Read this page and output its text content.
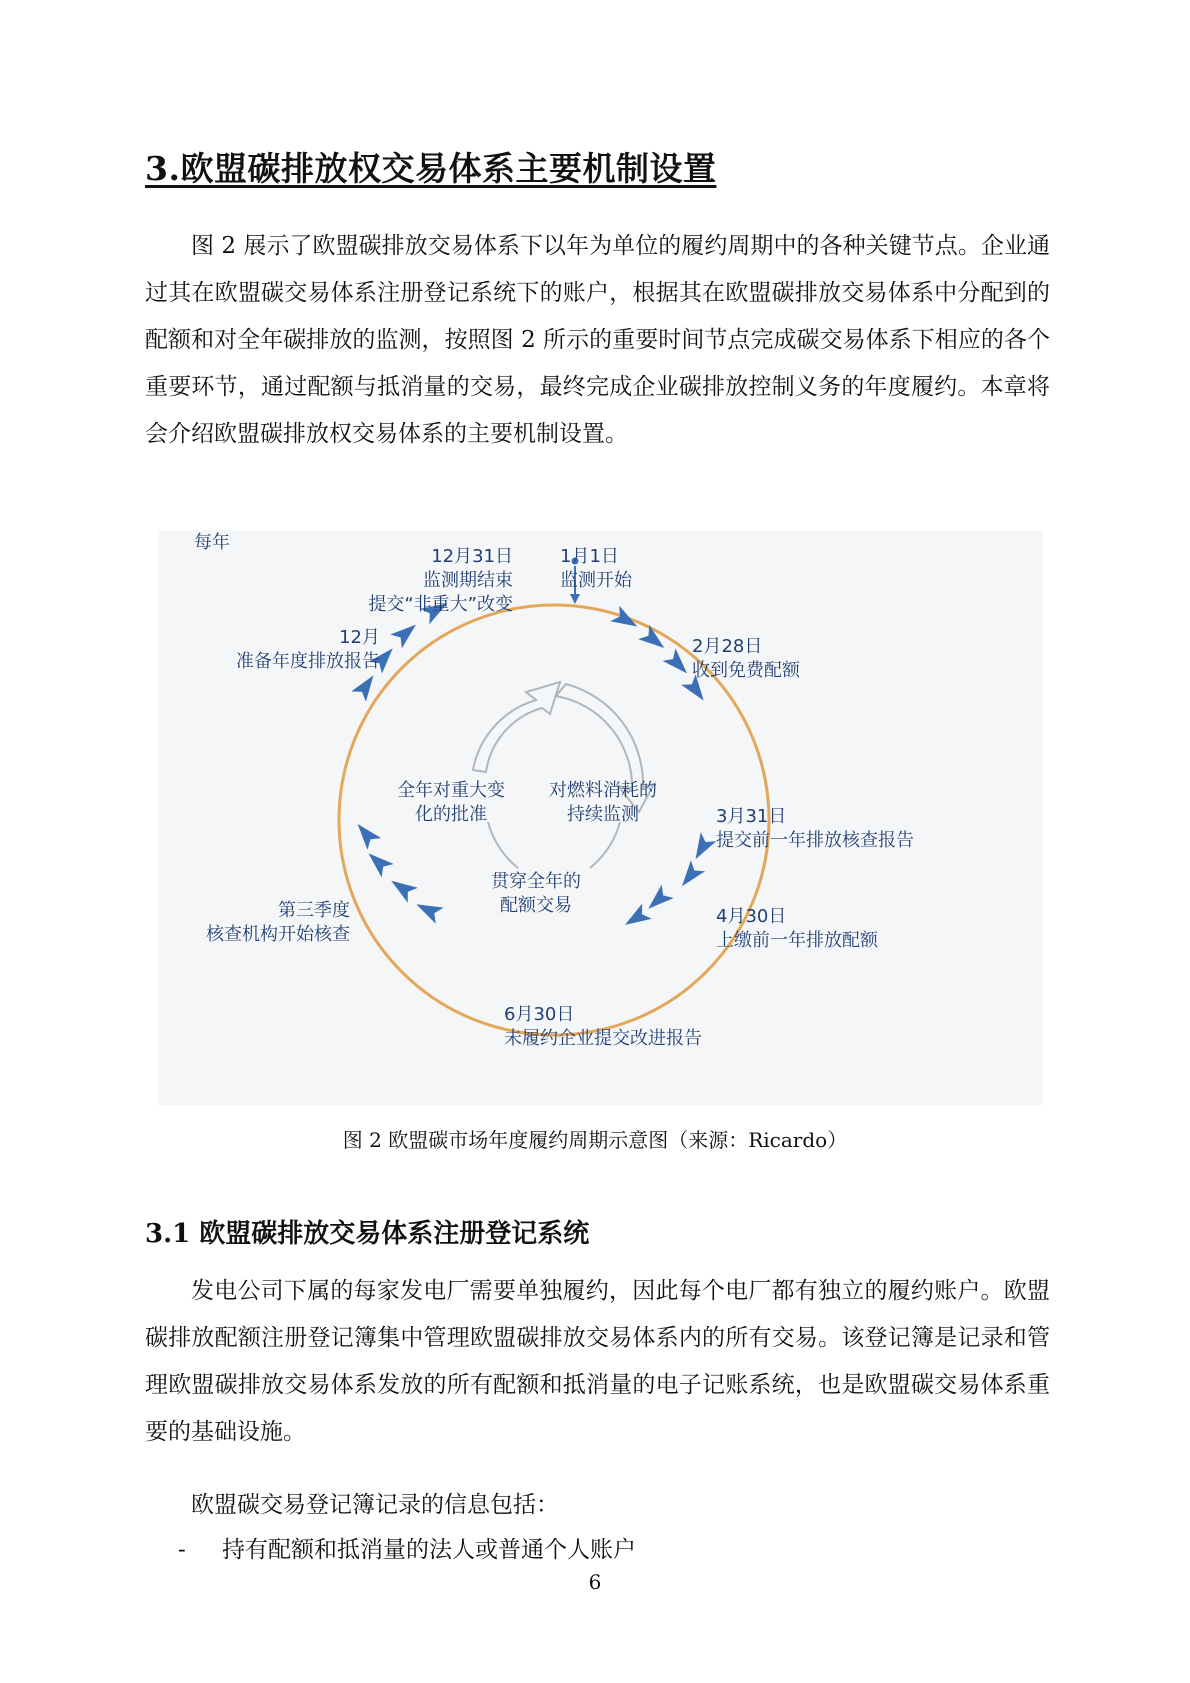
3.欧盟碳排放权交易体系主要机制设置

图 2 展示了欧盟碳排放交易体系下以年为单位的履约周期中的各种关键节点。企业通过其在欧盟碳交易体系注册登记系统下的账户，根据其在欧盟碳排放交易体系中分配到的配额和对全年碳排放的监测，按照图 2 所示的重要时间节点完成碳交易体系下相应的各个重要环节，通过配额与抵消量的交易，最终完成企业碳排放控制义务的年度履约。本章将会介绍欧盟碳排放权交易体系的主要机制设置。

每年
12月31日
监测期结束
提交“非重大”改变
1月1日
监测开始
12月
准备年度排放报告
2月28日
收到免费配额
3月31日
提交前一年排放核查报告
4月30日
上缴前一年排放配额
6月30日
未履约企业提交改进报告
第三季度
核查机构开始核查
全年对重大变
化的批准
对燃料消耗的
持续监测
贯穿全年的
配额交易
图 2 欧盟碳市场年度履约周期示意图（来源：Ricardo）
3.1 欧盟碳排放交易体系注册登记系统

发电公司下属的每家发电厂需要单独履约，因此每个电厂都有独立的履约账户。欧盟碳排放配额注册登记簿集中管理欧盟碳排放交易体系内的所有交易。该登记簿是记录和管理欧盟碳排放交易体系发放的所有配额和抵消量的电子记账系统，也是欧盟碳交易体系重要的基础设施。

欧盟碳交易登记簿记录的信息包括：

- 持有配额和抵消量的法人或普通个人账户
6
